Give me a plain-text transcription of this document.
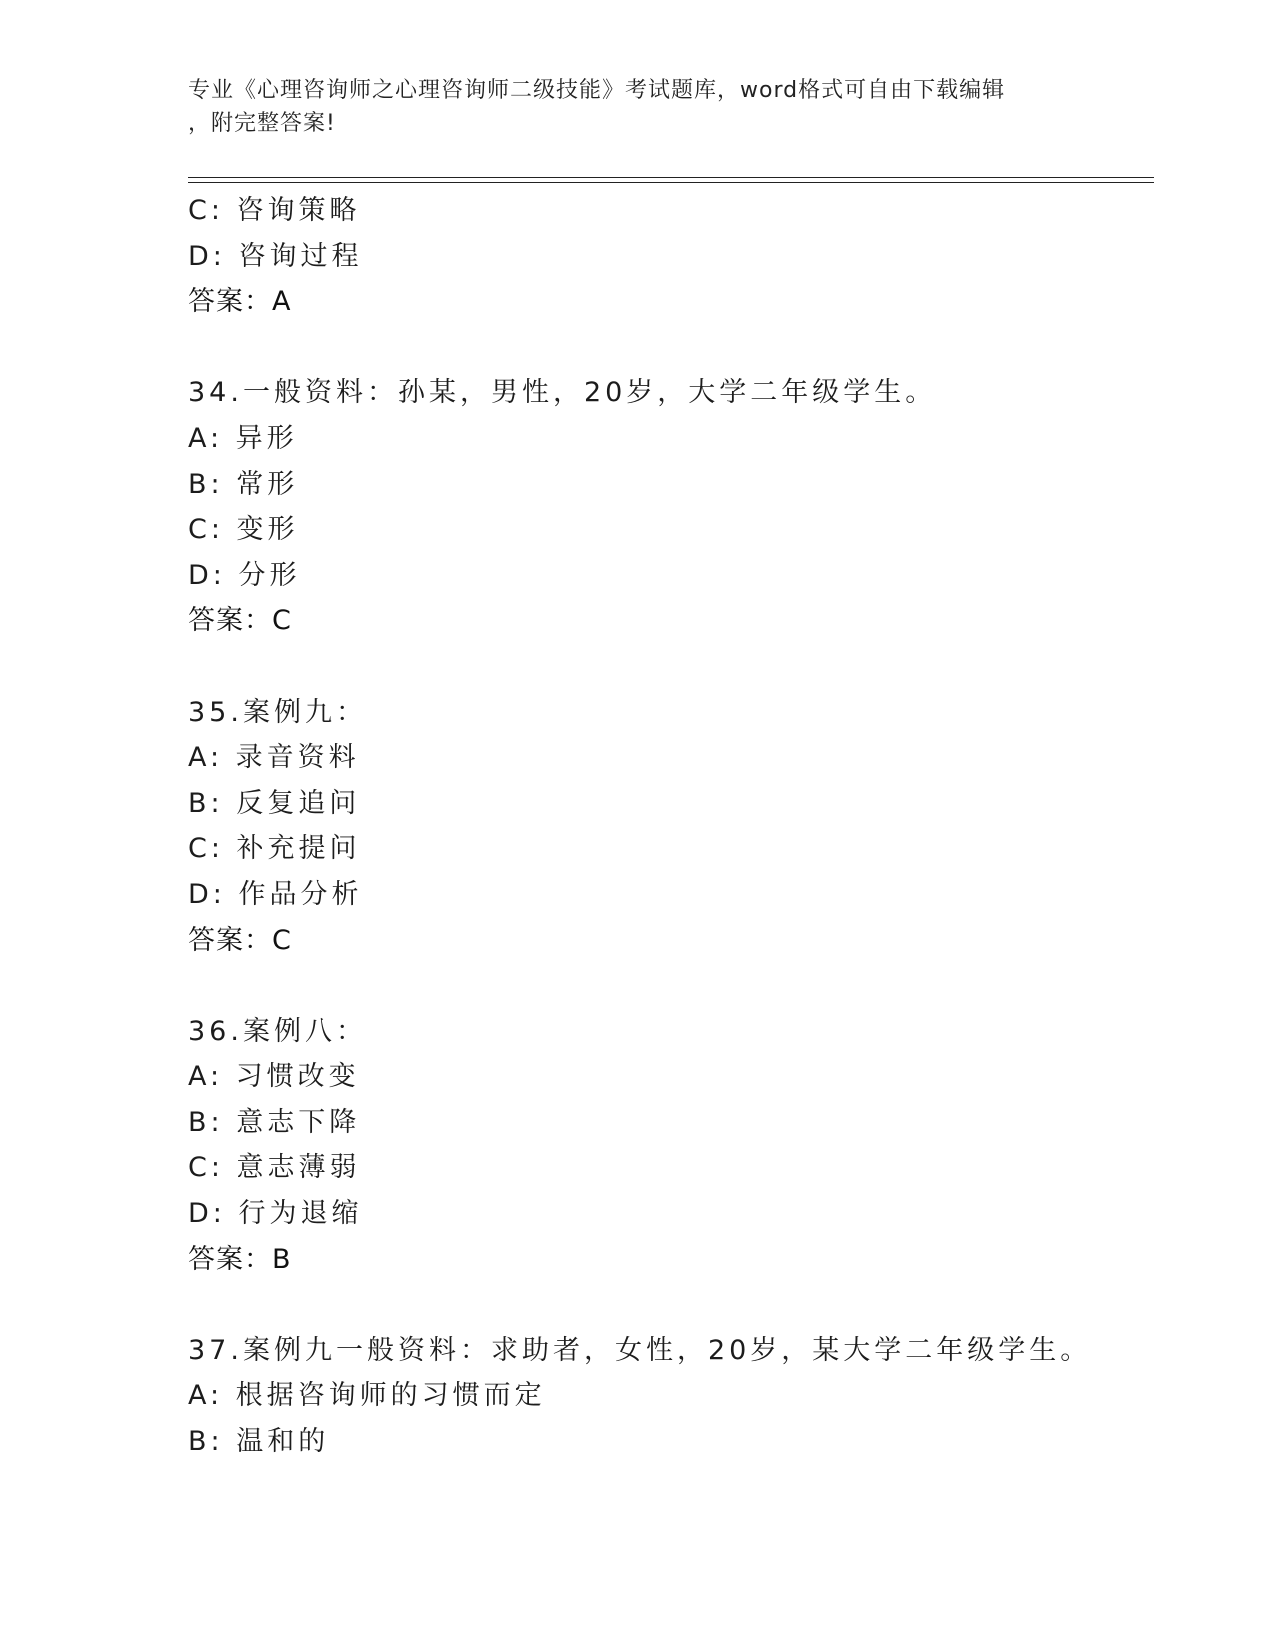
专业《心理咨询师之心理咨询师二级技能》考试题库，word格式可自由下载编辑
，附完整答案!
C: 咨询策略
D: 咨询过程
答案：A
34.一般资料：孙某，男性，20岁，大学二年级学生。
A: 异形
B: 常形
C: 变形
D: 分形
答案：C
35.案例九：
A: 录音资料
B: 反复追问
C: 补充提问
D: 作品分析
答案：C
36.案例八：
A: 习惯改变
B: 意志下降
C: 意志薄弱
D: 行为退缩
答案：B
37.案例九一般资料：求助者，女性，20岁，某大学二年级学生。
A: 根据咨询师的习惯而定
B: 温和的
